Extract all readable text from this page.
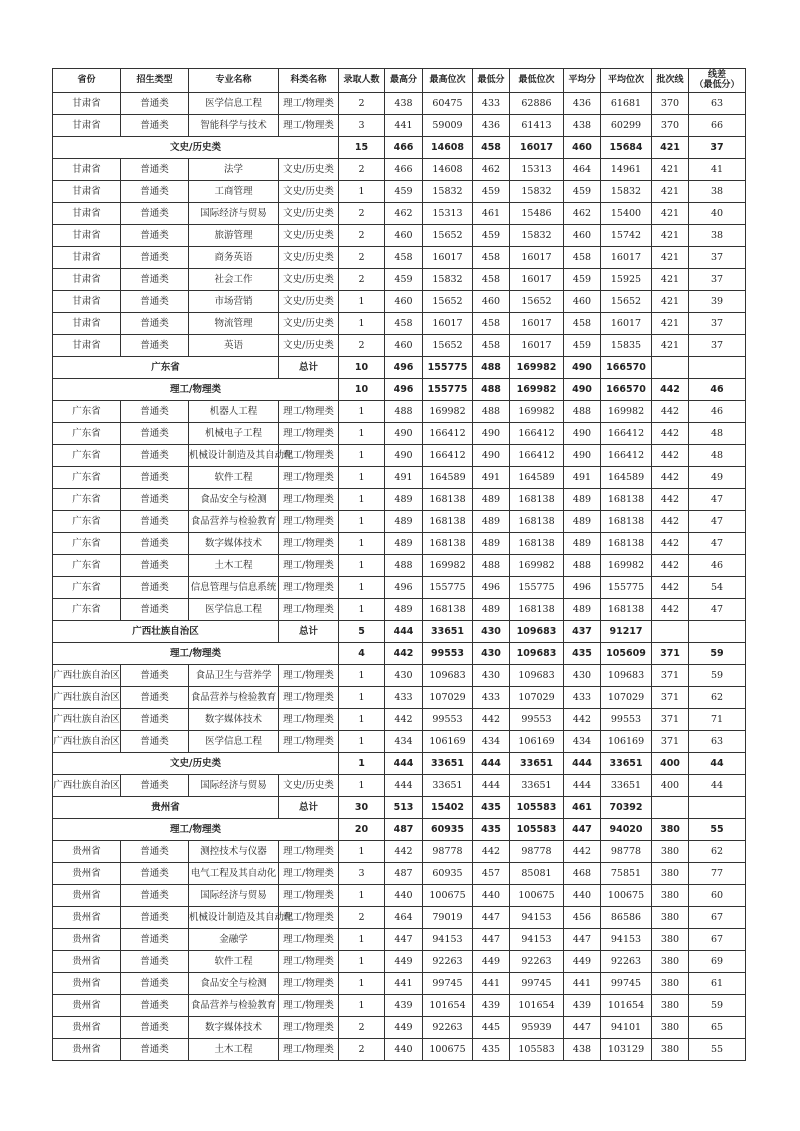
省份	招生类型	专业名称	科类名称	录取人数	最高分	最高位次	最低分	最低位次	平均分	平均位次	批次线	线差
（最低分）
甘肃省	普通类	医学信息工程	理工/物理类	2	438	60475	433	62886	436	61681	370	63
甘肃省	普通类	智能科学与技术	理工/物理类	3	441	59009	436	61413	438	60299	370	66
文史/历史类				15	466	14608	458	16017	460	15684	421	37
甘肃省	普通类	法学	文史/历史类	2	466	14608	462	15313	464	14961	421	41
甘肃省	普通类	工商管理	文史/历史类	1	459	15832	459	15832	459	15832	421	38
甘肃省	普通类	国际经济与贸易	文史/历史类	2	462	15313	461	15486	462	15400	421	40
甘肃省	普通类	旅游管理	文史/历史类	2	460	15652	459	15832	460	15742	421	38
甘肃省	普通类	商务英语	文史/历史类	2	458	16017	458	16017	458	16017	421	37
甘肃省	普通类	社会工作	文史/历史类	2	459	15832	458	16017	459	15925	421	37
甘肃省	普通类	市场营销	文史/历史类	1	460	15652	460	15652	460	15652	421	39
甘肃省	普通类	物流管理	文史/历史类	1	458	16017	458	16017	458	16017	421	37
甘肃省	普通类	英语	文史/历史类	2	460	15652	458	16017	459	15835	421	37
广东省			总计	10	496	155775	488	169982	490	166570		
理工/物理类				10	496	155775	488	169982	490	166570	442	46
广东省	普通类	机器人工程	理工/物理类	1	488	169982	488	169982	488	169982	442	46
广东省	普通类	机械电子工程	理工/物理类	1	490	166412	490	166412	490	166412	442	48
广东省	普通类	机械设计制造及其自动化	理工/物理类	1	490	166412	490	166412	490	166412	442	48
广东省	普通类	软件工程	理工/物理类	1	491	164589	491	164589	491	164589	442	49
广东省	普通类	食品安全与检测	理工/物理类	1	489	168138	489	168138	489	168138	442	47
广东省	普通类	食品营养与检验教育	理工/物理类	1	489	168138	489	168138	489	168138	442	47
广东省	普通类	数字媒体技术	理工/物理类	1	489	168138	489	168138	489	168138	442	47
广东省	普通类	土木工程	理工/物理类	1	488	169982	488	169982	488	169982	442	46
广东省	普通类	信息管理与信息系统	理工/物理类	1	496	155775	496	155775	496	155775	442	54
广东省	普通类	医学信息工程	理工/物理类	1	489	168138	489	168138	489	168138	442	47
广西壮族自治区			总计	5	444	33651	430	109683	437	91217		
理工/物理类				4	442	99553	430	109683	435	105609	371	59
广西壮族自治区	普通类	食品卫生与营养学	理工/物理类	1	430	109683	430	109683	430	109683	371	59
广西壮族自治区	普通类	食品营养与检验教育	理工/物理类	1	433	107029	433	107029	433	107029	371	62
广西壮族自治区	普通类	数字媒体技术	理工/物理类	1	442	99553	442	99553	442	99553	371	71
广西壮族自治区	普通类	医学信息工程	理工/物理类	1	434	106169	434	106169	434	106169	371	63
文史/历史类				1	444	33651	444	33651	444	33651	400	44
广西壮族自治区	普通类	国际经济与贸易	文史/历史类	1	444	33651	444	33651	444	33651	400	44
贵州省			总计	30	513	15402	435	105583	461	70392		
理工/物理类				20	487	60935	435	105583	447	94020	380	55
贵州省	普通类	测控技术与仪器	理工/物理类	1	442	98778	442	98778	442	98778	380	62
贵州省	普通类	电气工程及其自动化	理工/物理类	3	487	60935	457	85081	468	75851	380	77
贵州省	普通类	国际经济与贸易	理工/物理类	1	440	100675	440	100675	440	100675	380	60
贵州省	普通类	机械设计制造及其自动化	理工/物理类	2	464	79019	447	94153	456	86586	380	67
贵州省	普通类	金融学	理工/物理类	1	447	94153	447	94153	447	94153	380	67
贵州省	普通类	软件工程	理工/物理类	1	449	92263	449	92263	449	92263	380	69
贵州省	普通类	食品安全与检测	理工/物理类	1	441	99745	441	99745	441	99745	380	61
贵州省	普通类	食品营养与检验教育	理工/物理类	1	439	101654	439	101654	439	101654	380	59
贵州省	普通类	数字媒体技术	理工/物理类	2	449	92263	445	95939	447	94101	380	65
贵州省	普通类	土木工程	理工/物理类	2	440	100675	435	105583	438	103129	380	55
